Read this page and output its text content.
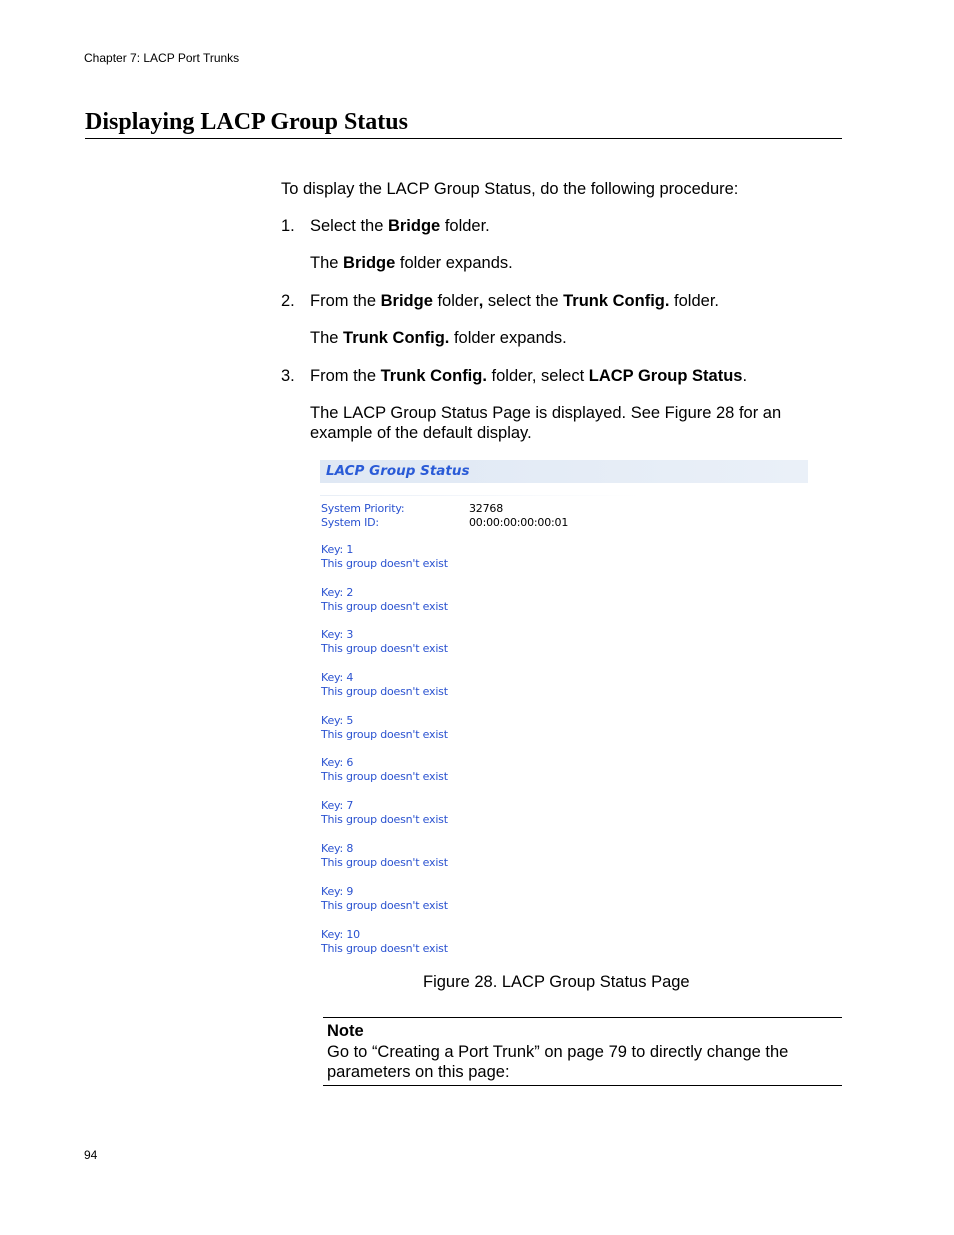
Chapter 7: LACP Port Trunks
Displaying LACP Group Status

To display the LACP Group Status, do the following procedure:

1. Select the Bridge folder.
The Bridge folder expands.
2. From the Bridge folder, select the Trunk Config. folder.
The Trunk Config. folder expands.
3. From the Trunk Config. folder, select LACP Group Status.
The LACP Group Status Page is displayed. See Figure 28 for an
example of the default display.
LACP Group Status
System Priority:	32768
System ID:	00:00:00:00:00:01
Key: 1
This group doesn't exist
Key: 2
This group doesn't exist
Key: 3
This group doesn't exist
Key: 4
This group doesn't exist
Key: 5
This group doesn't exist
Key: 6
This group doesn't exist
Key: 7
This group doesn't exist
Key: 8
This group doesn't exist
Key: 9
This group doesn't exist
Key: 10
This group doesn't exist
Figure 28. LACP Group Status Page
Note
Go to “Creating a Port Trunk” on page 79 to directly change the
parameters on this page:
94
